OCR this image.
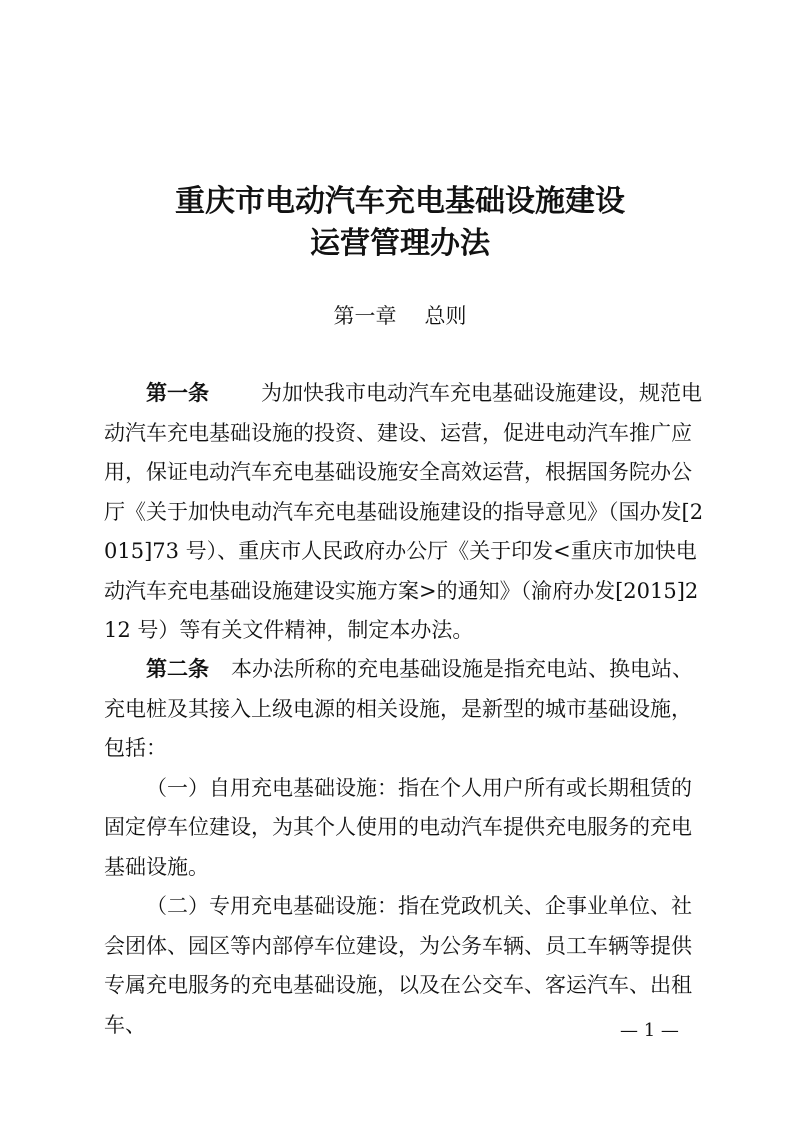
重庆市电动汽车充电基础设施建设
运营管理办法
第一章 总则

第一条 为加快我市电动汽车充电基础设施建设，规范电动汽车充电基础设施的投资、建设、运营，促进电动汽车推广应用，保证电动汽车充电基础设施安全高效运营，根据国务院办公厅《关于加快电动汽车充电基础设施建设的指导意见》（国办发[2015]73 号）、重庆市人民政府办公厅《关于印发<重庆市加快电动汽车充电基础设施建设实施方案>的通知》（渝府办发[2015]212 号）等有关文件精神，制定本办法。

第二条 本办法所称的充电基础设施是指充电站、换电站、充电桩及其接入上级电源的相关设施，是新型的城市基础设施，包括：

（一）自用充电基础设施：指在个人用户所有或长期租赁的固定停车位建设，为其个人使用的电动汽车提供充电服务的充电基础设施。

（二）专用充电基础设施：指在党政机关、企事业单位、社会团体、园区等内部停车位建设，为公务车辆、员工车辆等提供专属充电服务的充电基础设施，以及在公交车、客运汽车、出租车、	— 1 —
